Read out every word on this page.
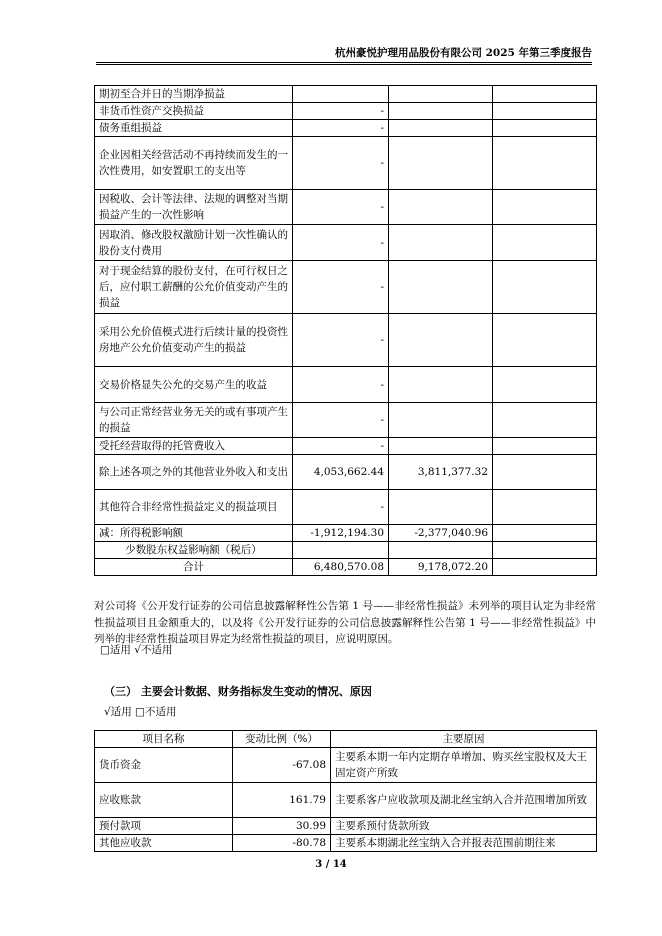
杭州豪悦护理用品股份有限公司 2025 年第三季度报告
期初至合并日的当期净损益			
非货币性资产交换损益	-		
债务重组损益	-		
企业因相关经营活动不再持续而发生的一次性费用，如安置职工的支出等	-		
因税收、会计等法律、法规的调整对当期损益产生的一次性影响	-		
因取消、修改股权激励计划一次性确认的股份支付费用	-		
对于现金结算的股份支付，在可行权日之后，应付职工薪酬的公允价值变动产生的损益	-		
采用公允价值模式进行后续计量的投资性房地产公允价值变动产生的损益	-		
交易价格显失公允的交易产生的收益	-		
与公司正常经营业务无关的或有事项产生的损益	-		
受托经营取得的托管费收入	-		
除上述各项之外的其他营业外收入和支出	4,053,662.44	3,811,377.32	
其他符合非经常性损益定义的损益项目	-		
减：所得税影响额	-1,912,194.30	-2,377,040.96	
少数股东权益影响额（税后）			
合计	6,480,570.08	9,178,072.20	
对公司将《公开发行证券的公司信息披露解释性公告第 1 号——非经常性损益》未列举的项目认定为非经常性损益项目且金额重大的，以及将《公开发行证券的公司信息披露解释性公告第 1 号——非经常性损益》中列举的非经常性损益项目界定为经常性损益的项目，应说明原因。
□适用 √不适用
（三） 主要会计数据、财务指标发生变动的情况、原因
√适用 □不适用
项目名称	变动比例（%）	主要原因
货币资金	-67.08	主要系本期一年内定期存单增加、购买丝宝股权及大王固定资产所致
应收账款	161.79	主要系客户应收款项及湖北丝宝纳入合并范围增加所致
预付款项	30.99	主要系预付货款所致
其他应收款	-80.78	主要系本期湖北丝宝纳入合并报表范围前期往来
3 / 14
